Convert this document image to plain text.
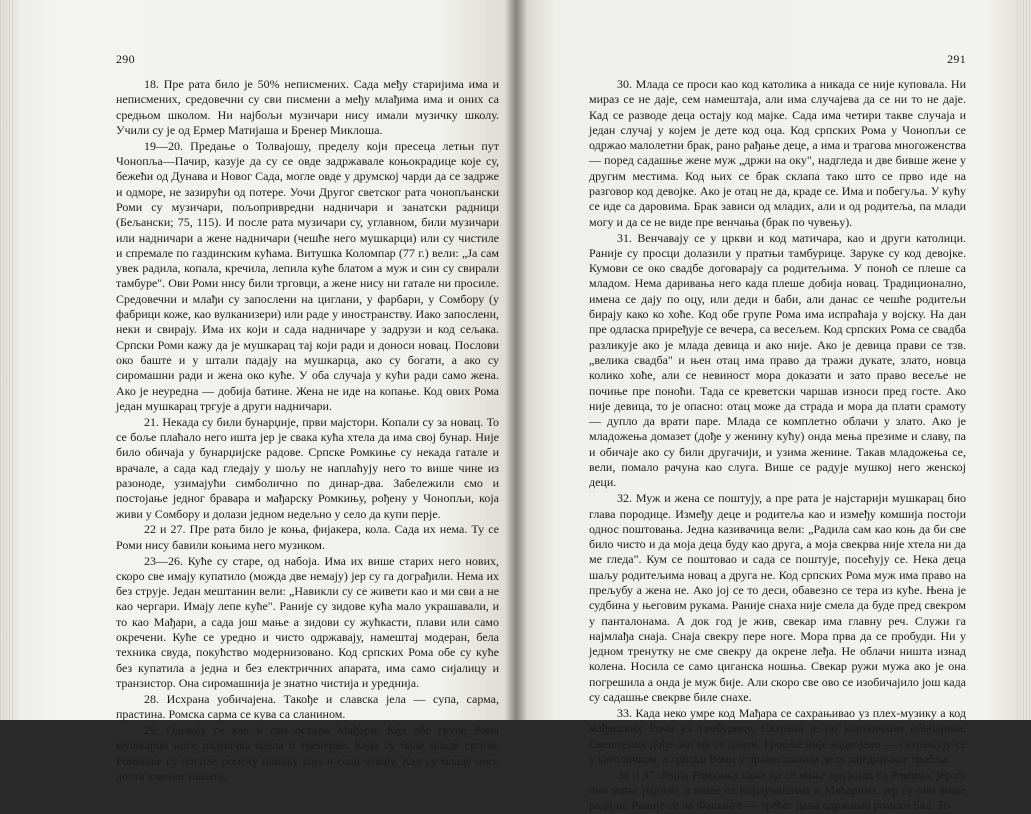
290

18. Пре рата било је 50% неписмених. Сада међу старијима има и неписмених, средовечни су сви писмени а међу млађима има и оних са средњом школом. Ни најбољи музичари нису имали музичку школу. Учили су је од Ермер Матијаша и Бренер Миклоша.

19—20. Предање о Толвајошу, пределу који пресеца летњи пут Чонопља—Пачир, казује да су се овде задржавале коњокрадице које су, бежећи од Дунава и Новог Сада, могле овде у друмској чарди да се задрже и одморе, не зазирући од потере. Уочи Другог светског рата чонопљански Роми су музичари, пољопривредни надничари и занатски радници (Бељански; 75, 115). И после рата музичари су, углавном, били музичари или надничари а жене надничари (чешће него мушкарци) или су чистиле и спремале по газдинским кућама. Витушка Коломпар (77 г.) вели: „Ја сам увек радила, копала, кречила, лепила куће блатом а муж и син су свирали тамбуре". Ови Роми нису били трговци, а жене нису ни гатале ни просиле. Средовечни и млађи су запослени на циглани, у фарбари, у Сомбору (у фабрици коже, као вулканизери) или раде у иностранству. Иако запослени, неки и свирају. Има их који и сада надничаре у задрузи и код сељака. Српски Роми кажу да је мушкарац тај који ради и доноси новац. Послови око баште и у штали падају на мушкарца, ако су богати, а ако су сиромашни ради и жена око куће. У оба случаја у кући ради само жена. Ако је неуредна — добија батине. Жена не иде на копање. Код ових Рома један мушкарац тргује а други надничари.

21. Некада су били бунарџије, први мајстори. Копали су за новац. То се боље плаћало него ишта јер је свака кућа хтела да има свој бунар. Није било обичаја у бунарџијске радове. Српске Ромкиње су некада гатале и врачале, а сада кад гледају у шољу не наплаћују него то више чине из разоноде, узимајући симболично по динар-два. Забележили смо и постојање једног бравара и мађарску Ромкињу, рођену у Чонопљи, која живи у Сомбору и долази једном недељно у село да купи перје.

22 и 27. Пре рата било је коња, фијакера, кола. Сада их нема. Ту се Роми нису бавили коњима него музиком.

23—26. Куће су старе, од набоја. Има их више старих него нових, скоро све имају купатило (можда две немају) јер су га дограђили. Нема их без струје. Један мештанин вели: „Навикли су се живети као и ми сви а не као чергари. Имају лепе куће". Раније су зидове кућа мало украшавали, и то као Мађари, а сада још мање а зидови су жућкасти, плави или само окречени. Куће се уредно и чисто одржавају, намештај модеран, бела техника свуда, покућство модернизовано. Код српских Рома обе су куће без купатила а једна и без електричних апарата, има само сијалицу и транзистор. Она сиромашнија је знатно чистија и уреднија.

28. Исхрана уобичајена. Такође и славска јела — супа, сарма, прастина. Ромска сарма се кува са сланином.

29. Одевају се као и сви остали Мађари. Код обе групе Рома мушкарци носе радничка одела и тренерке. Када су биле младе српске Ромкиње су носиле ромску ношњу која и сада чувају. Кад су младе носе доста златног накита.

291

30. Млада се проси као код католика а никада се није куповала. Ни мираз се не даје, сем намештаја, али има случајева да се ни то не даје. Кад се разводе деца остају код мајке. Сада има четири такве случаја и један случај у којем је дете код оца. Код српских Рома у Чонопљи се одржао малолетни брак, рано рађање деце, а има и трагова многоженства — поред садашње жене муж „држи на оку", надгледа и две бивше жене у другим местима. Код њих се брак склапа тако што се прво иде на разговор код девојке. Ако је отац не да, краде се. Има и побегуља. У кућу се иде са даровима. Брак зависи од младих, али и од родитеља, па млади могу и да се не виде пре венчања (брак по чувењу).

31. Венчавају се у цркви и код матичара, као и други католици. Раније су просци долазили у пратњи тамбурице. Заруке су код девојке. Кумови се око свадбе договарају са родитељима. У поноћ се плеше са младом. Нема даривања него када плеше добија новац. Традиционално, имена се дају по оцу, или деди и баби, али данас се чешће родитељи бирају како ко хоће. Код обе групе Рома има испраћаја у војску. На дан пре одласка приређује се вечера, са весељем. Код српских Рома се свадба разликује ако је млада девица и ако није. Ако је девица прави се тзв. „велика свадба" и њен отац има право да тражи дукате, злато, новца колико хоће, али се невиност мора доказати и зато право весеље не почиње пре поноћи. Тада се креветски чаршав износи пред госте. Ако није девица, то је опасно: отац може да страда и мора да плати срамоту — дупло да врати паре. Млада се комплетно облачи у злато. Ако је младожења домазет (дође у женину кућу) онда мења презиме и славу, па и обичаје ако су били другачији, и узима женине. Такав младожења се, вели, помало рачуна као слуга. Више се радује мушкој него женској деци.

32. Муж и жена се поштују, а пре рата је најстарији мушкарац био глава породице. Између деце и родитеља као и између комшија постоји однос поштовања. Једна казивачица вели: „Радила сам као коњ да би све било чисто и да моја деца буду као друга, а моја свекрва није хтела ни да ме гледа". Кум се поштовао и сада се поштује, посећују се. Нека деца шаљу родитељима новац а друга не. Код српских Рома муж има право на прељубу а жена не. Ако јој се то деси, обавезно се тера из куће. Њена је судбина у његовим рукама. Раније снаха није смела да буде пред свекром у панталонама. А док год је жив, свекар има главну реч. Служи га најмлађа снаја. Снаја свекру пере ноге. Мора прва да се пробуди. Ни у једном тренутку не сме свекру да окрене леђа. Не облачи ништа изнад колена. Носила се само циганска ношња. Свекар ружи мужа ако је она погрешила а онда је муж бије. Али скоро све ово се изобичајило још када су садашње свекрве биле снахе.

33. Када неко умре код Мађара се сахрањивао уз плех-музику а код мађарских Рома уз тамбурицу. Сахрана је по католичким обичајима. Свештеник дође ако му се плати. Гробље није издвојено — сахрањују се у католичком, а српски Роми у православном делу заједничког гробља.

34 и 37. Једна Ромкиња каже да се мање дружила са Ромима, јер су они мање радили, а више са Кордунашима и Мађарима, јер су они више радили. Раније се на Фашанге — трећег дана одржавао ромски бал. То
